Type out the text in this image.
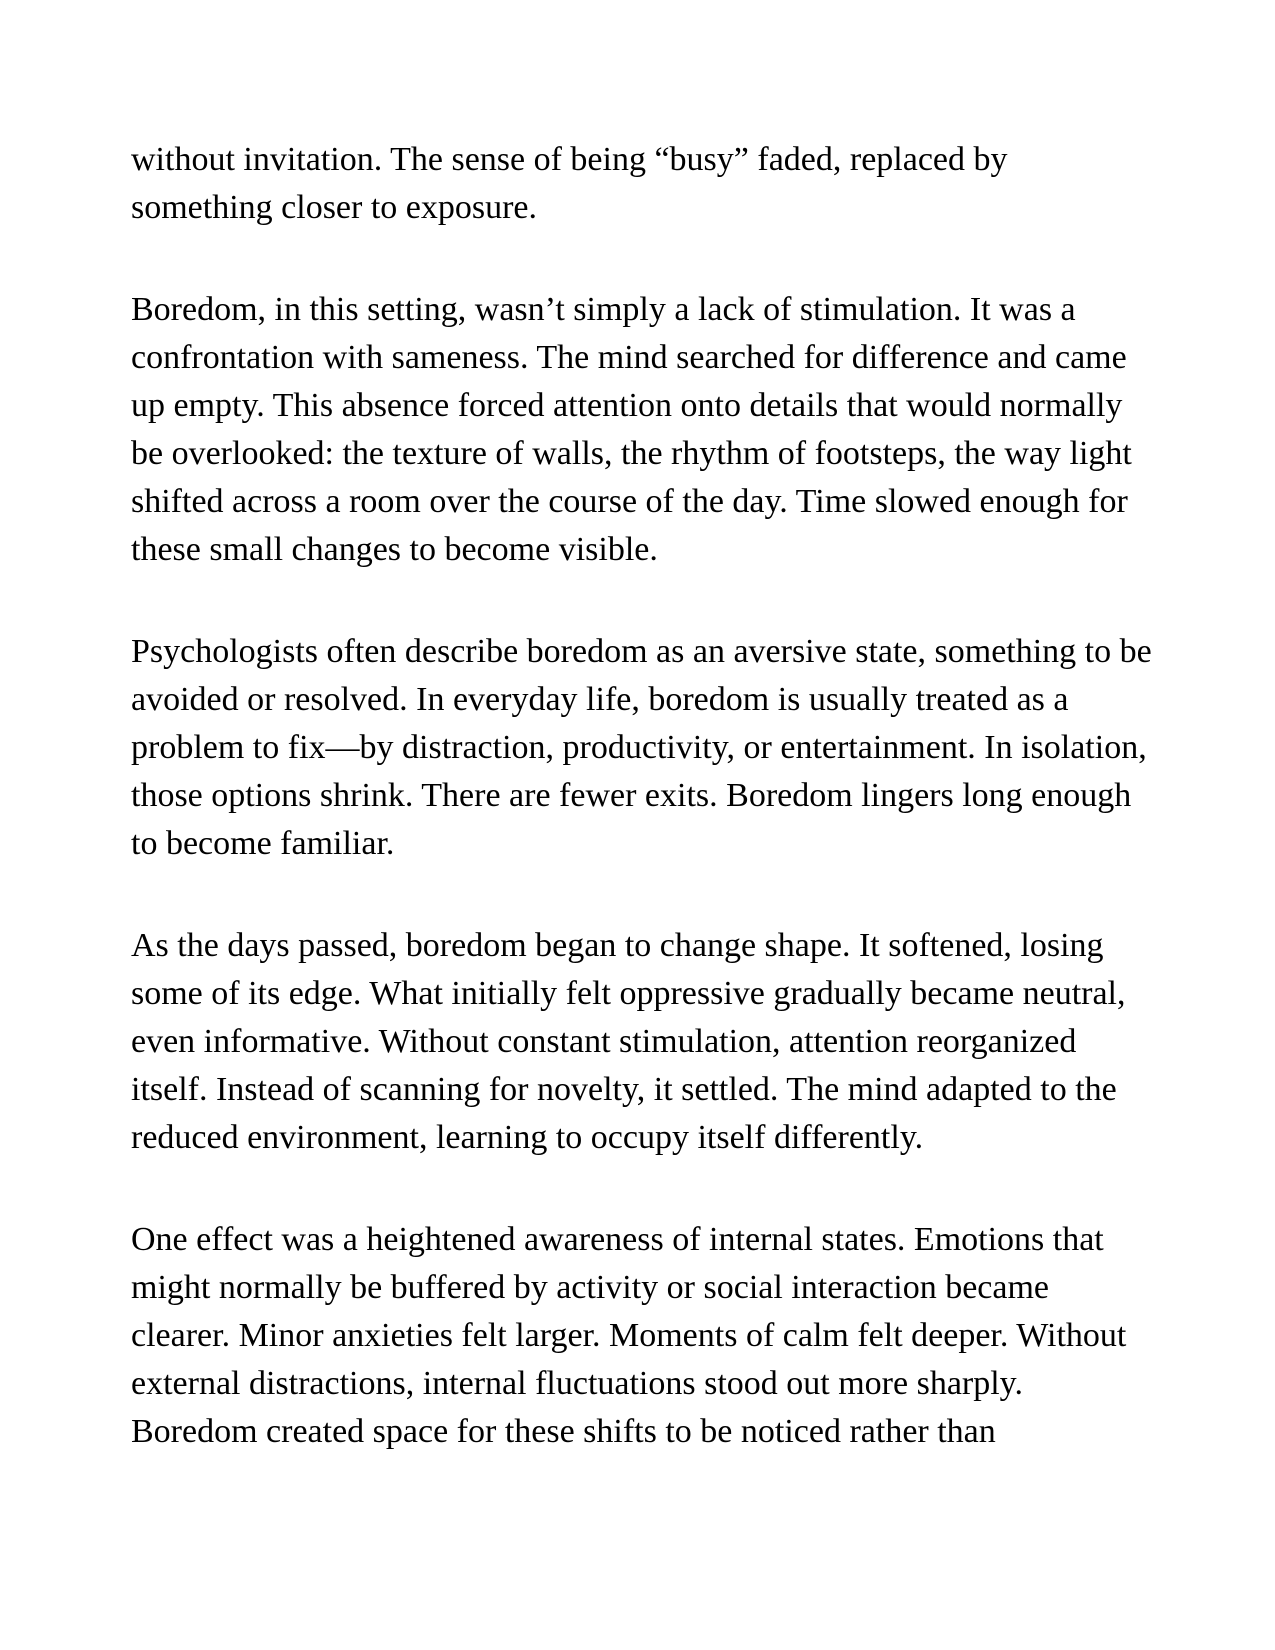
without invitation. The sense of being “busy” faded, replaced by
something closer to exposure.

Boredom, in this setting, wasn’t simply a lack of stimulation. It was a
confrontation with sameness. The mind searched for difference and came
up empty. This absence forced attention onto details that would normally
be overlooked: the texture of walls, the rhythm of footsteps, the way light
shifted across a room over the course of the day. Time slowed enough for
these small changes to become visible.

Psychologists often describe boredom as an aversive state, something to be
avoided or resolved. In everyday life, boredom is usually treated as a
problem to fix—by distraction, productivity, or entertainment. In isolation,
those options shrink. There are fewer exits. Boredom lingers long enough
to become familiar.

As the days passed, boredom began to change shape. It softened, losing
some of its edge. What initially felt oppressive gradually became neutral,
even informative. Without constant stimulation, attention reorganized
itself. Instead of scanning for novelty, it settled. The mind adapted to the
reduced environment, learning to occupy itself differently.

One effect was a heightened awareness of internal states. Emotions that
might normally be buffered by activity or social interaction became
clearer. Minor anxieties felt larger. Moments of calm felt deeper. Without
external distractions, internal fluctuations stood out more sharply.
Boredom created space for these shifts to be noticed rather than
